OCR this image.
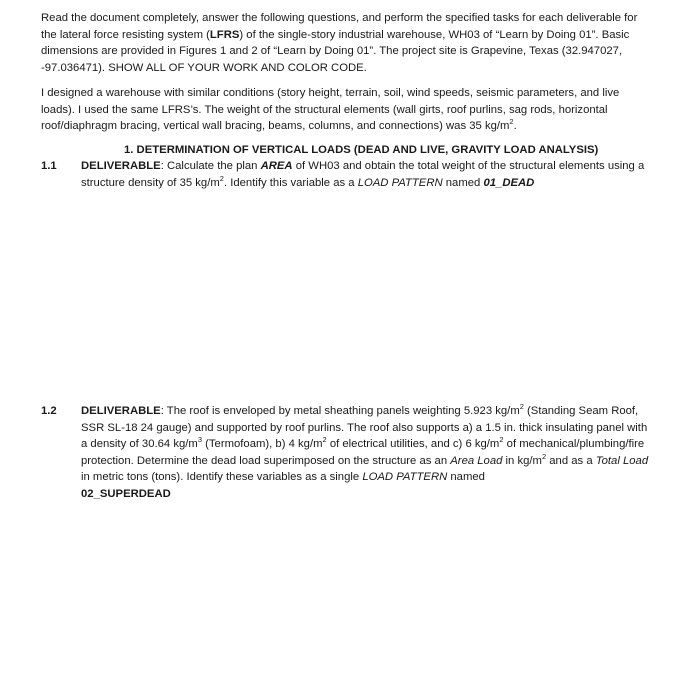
Read the document completely, answer the following questions, and perform the specified tasks for each deliverable for the lateral force resisting system (LFRS) of the single-story industrial warehouse, WH03 of “Learn by Doing 01”. Basic dimensions are provided in Figures 1 and 2 of “Learn by Doing 01”. The project site is Grapevine, Texas (32.947027, -97.036471). SHOW ALL OF YOUR WORK AND COLOR CODE.

I designed a warehouse with similar conditions (story height, terrain, soil, wind speeds, seismic parameters, and live loads). I used the same LFRS’s. The weight of the structural elements (wall girts, roof purlins, sag rods, horizontal roof/diaphragm bracing, vertical wall bracing, beams, columns, and connections) was 35 $kg/m^2$.

1. DETERMINATION OF VERTICAL LOADS (DEAD AND LIVE, GRAVITY LOAD ANALYSIS)

1.1 DELIVERABLE: Calculate the plan AREA of WH03 and obtain the total weight of the structural elements using a structure density of 35 $kg/m^2$. Identify this variable as a LOAD PATTERN named 01_DEAD
1.2 DELIVERABLE: The roof is enveloped by metal sheathing panels weighting 5.923 $kg/m^2$ (Standing Seam Roof, SSR SL-18 24 gauge) and supported by roof purlins. The roof also supports a) a 1.5 in. thick insulating panel with a density of 30.64 $kg/m^3$ (Termofoam), b) 4 $kg/m^2$ of electrical utilities, and c) 6 $kg/m^2$ of mechanical/plumbing/fire protection. Determine the dead load superimposed on the structure as an Area Load in $kg/m^2$ and as a Total Load in metric tons (tons). Identify these variables as a single LOAD PATTERN named
02_SUPERDEAD
